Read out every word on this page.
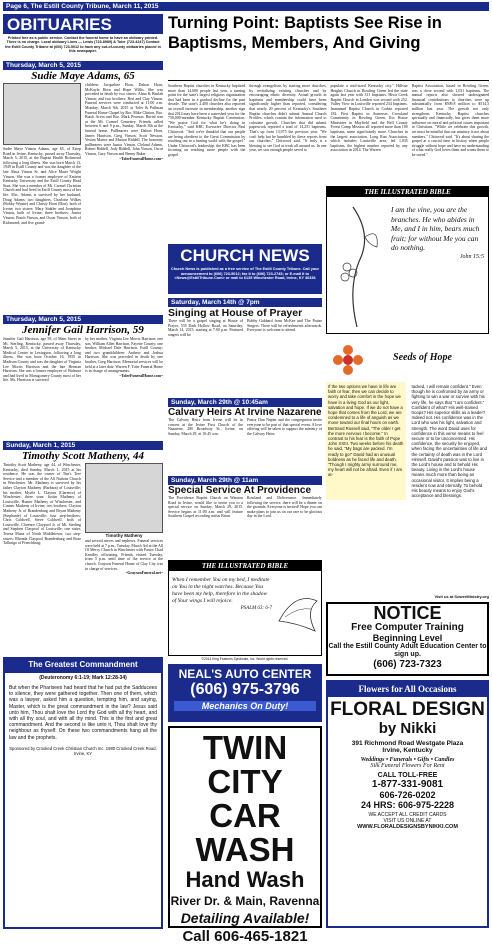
Page 6, The Estill County Tribune, March 11, 2015
OBITUARIES
Printed free as a public service. Contact the funeral home to have an obituary printed. There is no charge. Local obituary Lines — Lewis (723-8989) & Toler (723-4247) Contact the Estill County Tribune at (606) 723-5012 to have any out-of-county obituaries placed in this newspaper.
Thursday, March 5, 2015
Sudie Maye Adams, 65
Sudie Maye Vinson Adams, age 65, of Estep Road in Irvine, Kentucky, passed away Thursday, March 5, 2015, at the Baptist Health Richmond following a long illness. She was born March 13, 1949 in Estill County and was the daughter of the late Alma Vinson Sr. and Alice Marie Wright Vinson. She was a former employee of Eastern Kentucky University and the Estill County Head Start. She was a member of Mt. Carmel Christian Church and had lived in Estill County most of her life. Mrs. Adams is survived by her husband, Doug Adams; two daughters, Charlotte Wilkes (Bobby Wynne) and Christy Horn (Don), both of Irvine; two sisters: Mary Sinkler and Josephine Vinson, both of Irvine; three brothers: Junior Vinson, Butch Vinson, and Oscar Vinson, both of Richmond; and five grand-
children: Jacqueline Horn, Dalton Horn, McKayla Horn and Hope Willis. She was preceded in death by two sisters: Alma & Beulah Vinson; and two brothers: Bert and Clay Vinson. Funeral services were conducted at 11:00 a.m. Monday, March 9th, 2015 at Toler & Pullman Funeral Home Chapel by Bro. Mike Clinton, Bro. Butch Arvin and Bro. Mark Pearson. Burial was at the Mt. Carmel Cemetery. Friends called between 6 and 9 p.m., Sunday, March 8th at the funeral home. Pallbearers were Dalton Horn, James Harrison, Greg Vinson, Scott Newton, Veston Mance and Marion Riddell. The honorary pallbearers were Junior Vinson, Cleland Adams, Robert Riddell, Jody Riddell, John Vinson, Oscar Vinson, Gary Vinson and Benny Baker.
~TolerFuneralHome.com~
Thursday, March 5, 2015
Jennifer Gail Harrison, 59
Jennifer Gail Harrison, age 59, of Main Street in Mt. Sterling, Kentucky, passed away Thursday, March 5, 2015, at the University of Kentucky Medical Center in Lexington, following a long illness. She was born October 16, 1955 in Madison County and was the daughter of Virginia Lee Morris Harrison and the late Herman Harrison. She was a former employee of Walmart and had lived in Montgomery County most of her life. Ms. Harrison is survived
by her mother, Virginia Lee Morris Harrison; one son, William Allen Harrison, Fayette County; one brother, Michael Dale Harrison, Estill County; and two grandchildren: Andrew and Joshua Harrison. She was preceded in death by one brother, Greg Harrison. Memorial services will be held at a later date. Warren F. Toler Funeral Home is in charge of arrangements.
~TolerFuneralHome.com~
Sunday, March 1, 2015
Timothy Scott Matheny, 44
Timothy Scott Matheny, age 44, of Winchester, Kentucky, died Sunday, March 1, 2015 at his residence. He was the owner of Tim's Tree Service and a member of the All Nations Church in Winchester. Mr. Matheny is survived by his father Clayton Matheny (Barbara) of Louisville; his mother, Myrtle L. Clayton (Clarence) of Winchester; three sons: Justin Matheny of Louisville, Hunter Matheny of Winchester, and Conner Matheny of Irvine; two brothers: Clayton Matheny Jr. of Brandenburg and Bryan Matheny (Stephanie) of Louisville; four step-brothers: Chris Caldwell, Steve Caldwell, both of Louisville, Clarence Claypool Jr. of Mt. Sterling and Stephen Claypool of Louisville; one sister, Teresa Munz of North Middletown; two step-sisters: Rhonda Claypool Brandenburg and Rose Tallarigo of Frenchburg;
Timothy Matheny
and several nieces and nephews. Funeral services were held at 7 p.m., Tuesday, March 3rd at the All Of Mercy Church in Winchester with Pastor Chad Kendley officiating. Friends visited Tuesday, from 5 p.m. until time of the service at the church. Grayson Funeral Home of Clay City was in charge of services.
~GraysonFuneral.net~
The Greatest Commandment
(Deuteronomy 6:1-19; Mark 12:28-34)
But when the Pharisees had heard that he had put the Sadducees to silence, they were gathered together. Then one of them, which was a lawyer, asked him a question, tempting him, and saying, Master, which is the great commandment in the law? Jesus said unto him, Thou shalt love the Lord thy God with all thy heart, and with all thy soul, and with all thy mind. This is the first and great commandment. And the second is like unto it, Thou shalt love thy neighbour as thyself. On these two commandments hang all the law and the prophets.
Sponsored by Crooked Creek Christian Church Inc. 1980 Crooked Creek Road, Irvine, KY
Turning Point: Baptists See Rise in Baptisms, Members, And Giving
Southern Baptist churches in Kentucky baptized more than 14,000 people last year, a turning point for the state's largest religious organization that had been in a gradual decline for the past decade. The state's 2,400 churches also reported an overall increase in membership, another sign that 2014 may have been a watershed year for the 750,000-member Kentucky Baptist Convention. "We praise God for what he's doing in Kentucky," said KBC Executive Director Paul Chitwood. "And we're thankful that our people are being obedient to the Great Commission by reaching out in a hurting world with the gospel." Under Chitwood's leadership, the KBC has been focusing on reaching more people with the gospel
through evangelism, by starting more churches, by revitalizing existing churches and by encouraging ethnic diversity. Actual growth in baptisms and membership could have been significantly higher than reported, considering that nearly 20 percent of Kentucky's Southern Baptist churches didn't submit Annual Church Profiles, which contain the information used to calculate growth. Churches that did submit paperwork reported a total of 14,251 baptisms. That's up from 13,975 the previous year. "We can't help but be humbled by these reports from our churches," Chitwood said. "It truly is a blessing to see God at work all around us. In one year, we saw enough people saved to
populate a mid-sized Kentucky city." Hillvue Heights Church in Bowling Green led the state again last year with 311 baptisms. Hiwa Creek Baptist Church in London was second with 252. Valley View in Louisville reported 234 baptisms. Immanuel Baptist Church in Corbin reported 182. First Baptist in Somerset, Crossland Community in Bowling Green, Ilio House Ministries in Mayfield and the Bell County Forest Camp Mission all reported more than 100 baptisms, some significantly more. Churches in the largest association, Long Run Association, which includes Louisville area, led 1,035 baptisms, the highest number reported by any association in 2014. The Warren
Baptist Association, based in Bowling Green, was a close second with 1,031 baptisms. The annual reports also showed undesignated financial contributions to churches were up substantially from $509.8 million to $514.3 million last year. The growth not only strengthens Kentucky Baptist churches spiritually and financially, but gives them more influence on moral and political issues important to Christians. "While we celebrate this growth, we must be mindful that our ministry is not about numbers," Chitwood said. "It's about sharing the gospel at a crucial time in history when people struggle without hope and have no understanding of what really God loves them and wants them to be saved."
CHURCH NEWS
Church News is published as a free service of The Estill County Tribune. Call your announcement to (606) 723-5012; fax it to (606) 723-2745; or E-mail it to <News@EstillTribune.Com> or mail to 6135 Winchester Road, Irvine, KY 40336
Saturday, March 14th @ 7pm
Singing at House of Prayer
There will be a gospel singing at House of Prayer, 535 Dark Hollow Road, on Saturday, March 14, 2015, starting at 7:00 p.m. Featured singers will be
Bobby Gabbard from McKee and The Praise Singers. There will be refreshments afterwards. Everyone is welcome to attend.
Sunday, March 29th @ 10:45am
Calvary Heirs At Irvine Nazarene
The Calvary Heirs from Irvine will be in concert at the Irvine First Church of the Nazarene, 280 Broadway St., Irvine, on Sunday, March 29, at 10:45 a.m.
Pastor Dan Napier and the congregation invite everyone to be part of that special event. A love offering will be taken to support the ministry of the Calvary Heirs.
Sunday, March 29th @ 11am
Special Service At Providence
The Providence Baptist Church on Winston Road in Irvine, would like to invite you to a special service on Sunday, March 29, 2015. Service begins at 11:00 a.m. and will feature Southern Gospel recording artists Brian
Rowland and Deliverance. Immediately following the service, there will be a dinner on the grounds. Everyone is invited! Hope you can make plans to join us on our rare to be glorious day in the Lord.
THE ILLUSTRATED BIBLE
When I remember You on my bed, I meditate on You in the night watches. Because You have been my help, therefore in the shadow of Your wings I will rejoice.
PSALM 63: 6-7
©2014 King Features Syndicate, Inc. World rights reserved.
NEAL'S AUTO CENTER
(606) 975-3796
Mechanics On Duty!
TWIN CITY
CAR WASH
Hand Wash
River Dr. & Main, Ravenna
Detailing Available!
Call 606-465-1821
THE ILLUSTRATED BIBLE
I am the vine, you are the branches. He who abides in Me, and I in him, bears much fruit; for without Me you can do nothing.
John 15:5
Seeds of Hope
If the two options we have in life are faith or fear, then we can decide to worry and take comfort in the hope we have in a living God as our light, salvation and hope. If we do not have a hope that comes from the Lord, we are condemned to a life of anguish as we move toward our final hours on earth. Bertrand Russell said, "The older I get the more nervous I become." In contrast to his fear is the faith of Pope John XXIII. Two weeks before his death he said, "My bags are packed. I'm ready to go!" David had an unusual boldness as he faced life and death. "Though I mighty army surround me, my heart will not be afraid. Even if I am at-
tacked, I will remain confident." Even though he is confronted by an army or fighting to win a war or survive with his very life, he says that "I am confident." Confident of what? His well-trained troops? His superior skills as a leader? Indeed not. His confidence was in the Lord who was his light, salvation and strength. The word David uses for confidence in this verse means to feel secure or to be unconcerned. His confidence, the security he enjoyed, when facing the uncertainties of life and the certainty of death was in the Lord Himself. David's passion was to live in the Lord's house and to behold His beauty. Living in the Lord's house means much more than being an occasional visitor. It implies being a resident now and eternally. To behold His beauty means to enjoy God's acceptance and blessings.
Visit us at SowerMinistry.org
NOTICE
Free Computer Training
Beginning Level
Call the Estill County Adult Education Center to sign up.
(606) 723-7323
Flowers for All Occasions
FLORAL DESIGN
by Nikki
391 Richmond Road Westgate Plaza
Irvine, Kentucky
Weddings • Funerals • Gifts • Candles
Silk Funeral Flowers For Rent
CALL TOLL-FREE
1-877-331-9081
606-726-0202
24 HRS: 606-975-2228
WE ACCEPT ALL CREDIT CARDS
VISIT US ONLINE AT
WWW.FLORALDESIGNSBYNIKKI.COM
